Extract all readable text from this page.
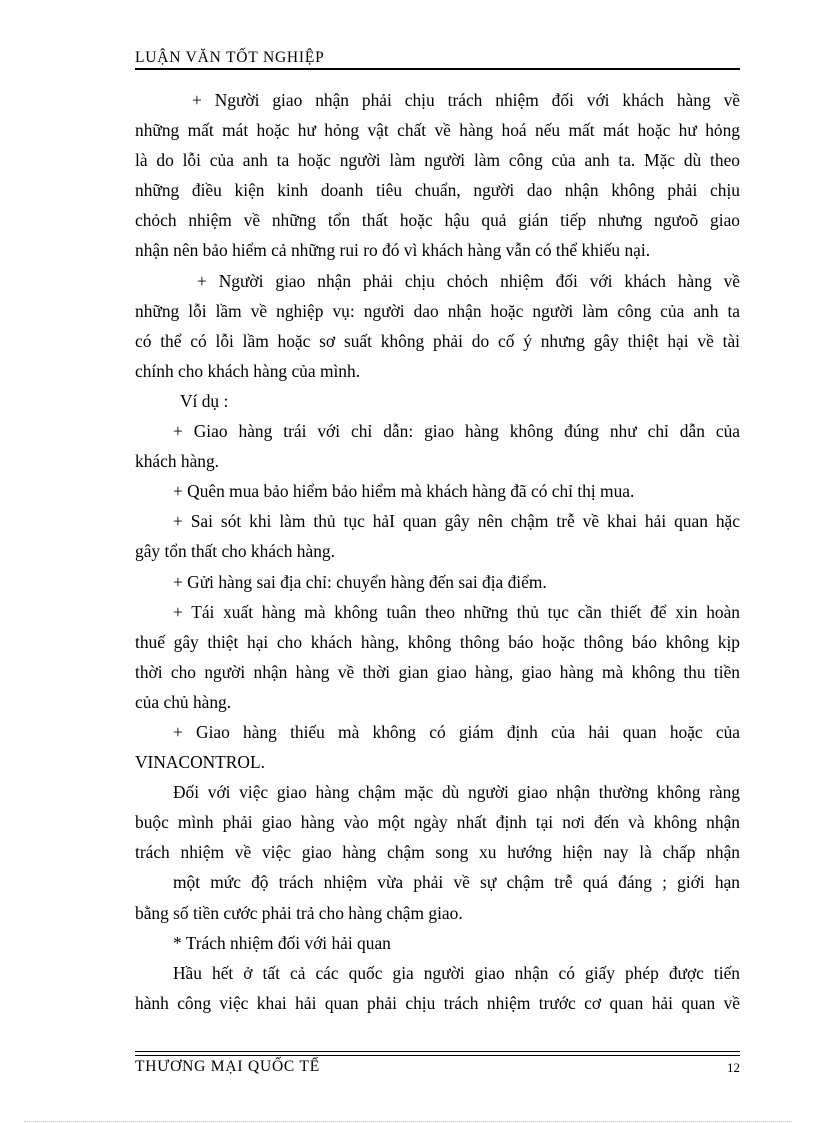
LUẬN VĂN TỐT NGHIỆP
+ Người giao nhận phải chịu trách nhiệm đối với khách hàng về
những mất mát hoặc hư hỏng vật chất về hàng hoá nếu mất mát hoặc hư hỏng
là do lỗi của anh ta hoặc người làm người làm công của anh ta. Mặc dù theo
những điều kiện kinh doanh tiêu chuẩn, người dao nhận không phải chịu
chỏch nhiệm về những tổn thất hoặc hậu quả gián tiếp nhưng ngưoõ giao
nhận nên bảo hiểm cả những rui ro đó vì khách hàng vẫn có thể khiếu nại.
+ Người giao nhận phải chịu chỏch nhiệm đối với khách hàng về
những lỗi lầm về nghiệp vụ: người dao nhận hoặc người làm công của anh ta
có thể có lỗi lầm hoặc sơ suất không phải do cố ý nhưng gây thiệt hại về tài
chính cho khách hàng của mình.
Ví dụ :
+ Giao hàng trái với chỉ dẫn: giao hàng không đúng như chỉ dẫn của
khách hàng.
+ Quên mua bảo hiểm bảo hiểm mà khách hàng đã có chỉ thị mua.
+ Sai sót khi làm thủ tục hảI quan gây nên chậm trễ về khai hải quan hặc
gây tổn thất cho khách hàng.
+ Gửi hàng sai địa chỉ: chuyển hàng đến sai địa điểm.
+ Tái xuất hàng mà không tuân theo những thủ tục cần thiết để xin hoàn
thuế gây thiệt hại cho khách hàng, không thông báo hoặc thông báo không kịp
thời cho người nhận hàng về thời gian giao hàng, giao hàng mà không thu tiền
của chủ hàng.
+ Giao hàng thiếu mà không có giám định của hải quan hoặc của
VINACONTROL.
Đối với việc giao hàng chậm mặc dù người giao nhận thường không ràng
buộc mình phải giao hàng vào một ngày nhất định tại nơi đến và không nhận
trách nhiệm về việc giao hàng chậm song xu hướng hiện nay là chấp nhận
một mức độ trách nhiệm vừa phải về sự chậm trễ quá đáng ; giới hạn
bằng số tiền cước phải trả cho hàng chậm giao.
* Trách nhiệm đối với hải quan
Hầu hết ở tất cả các quốc gia người giao nhận có giấy phép được tiến
hành công việc khai hải quan phải chịu trách nhiệm trước cơ quan hải quan về
THƯƠNG MẠI QUỐC TẾ	12
